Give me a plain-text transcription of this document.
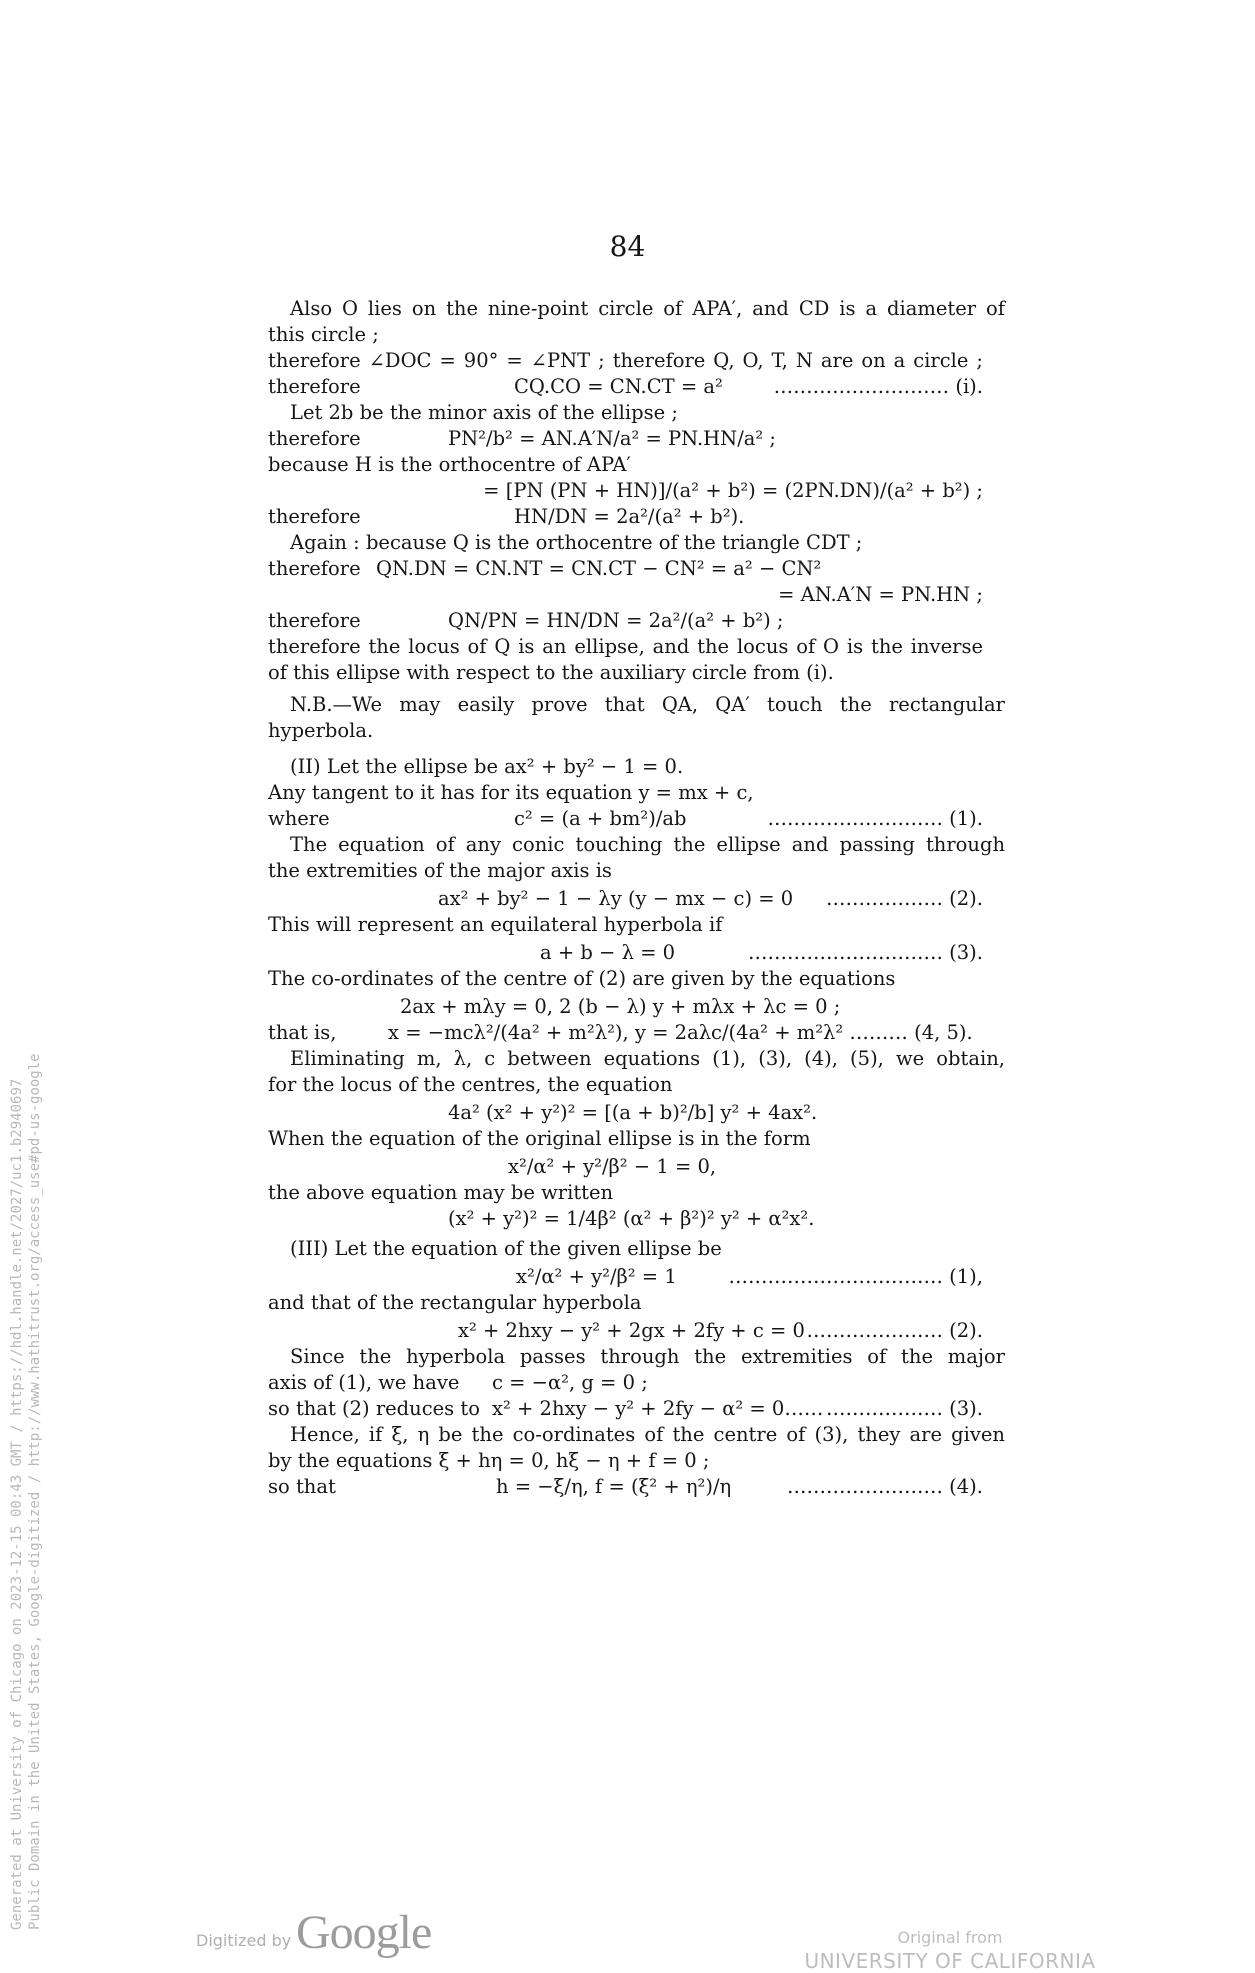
84
Also O lies on the nine-point circle of APA′, and CD is a diameter of
this circle ;
therefore ∠DOC = 90° = ∠PNT ; therefore Q, O, T, N are on a circle ;
therefore	CQ.CO = CN.CT = a²	……………………… (i).
Let 2b be the minor axis of the ellipse ;
therefore	PN²/b² = AN.A′N/a² = PN.HN/a² ;
because H is the orthocentre of APA′
= [PN (PN + HN)]/(a² + b²) = (2PN.DN)/(a² + b²) ;
therefore	HN/DN = 2a²/(a² + b²).
Again : because Q is the orthocentre of the triangle CDT ;
therefore QN.DN = CN.NT = CN.CT − CN² = a² − CN²
= AN.A′N = PN.HN ;
therefore	QN/PN = HN/DN = 2a²/(a² + b²) ;
therefore the locus of Q is an ellipse, and the locus of O is the inverse
of this ellipse with respect to the auxiliary circle from (i).
N.B.—We may easily prove that QA, QA′ touch the rectangular
hyperbola.
(II) Let the ellipse be ax² + by² − 1 = 0.
Any tangent to it has for its equation y = mx + c,
where	c² = (a + bm²)/ab	……………………… (1).
The equation of any conic touching the ellipse and passing through
the extremities of the major axis is
ax² + by² − 1 − λy (y − mx − c) = 0 ……………… (2).
This will represent an equilateral hyperbola if
a + b − λ = 0	………………………… (3).
The co-ordinates of the centre of (2) are given by the equations
2ax + mλy = 0, 2 (b − λ) y + mλx + λc = 0 ;
that is,	x = −mcλ²/(4a² + m²λ²), y = 2aλc/(4a² + m²λ² ……… (4, 5).
Eliminating m, λ, c between equations (1), (3), (4), (5), we obtain,
for the locus of the centres, the equation
4a² (x² + y²)² = [(a + b)²/b] y² + 4ax².
When the equation of the original ellipse is in the form
x²/α² + y²/β² − 1 = 0,
the above equation may be written
(x² + y²)² = 1/4β² (α² + β²)² y² + α²x².
(III) Let the equation of the given ellipse be
x²/α² + y²/β² = 1	…………………………… (1),
and that of the rectangular hyperbola
x² + 2hxy − y² + 2gx + 2fy + c = 0 ………………… (2).
Since the hyperbola passes through the extremities of the major
axis of (1), we have c = −α², g = 0 ;
so that (2) reduces to x² + 2hxy − y² + 2fy − α² = 0…… ……………… (3).
Hence, if ξ, η be the co-ordinates of the centre of (3), they are given
by the equations ξ + hη = 0, hξ − η + f = 0 ;
so that	h = −ξ/η, f = (ξ² + η²)/η	…………………… (4).
Generated at University of Chicago on 2023-12-15 00:43 GMT / https://hdl.handle.net/2027/uc1.b2940697 Public Domain in the United States, Google-digitized / http://www.hathitrust.org/access_use#pd-us-google
Digitized by Google	Original from
UNIVERSITY OF CALIFORNIA
